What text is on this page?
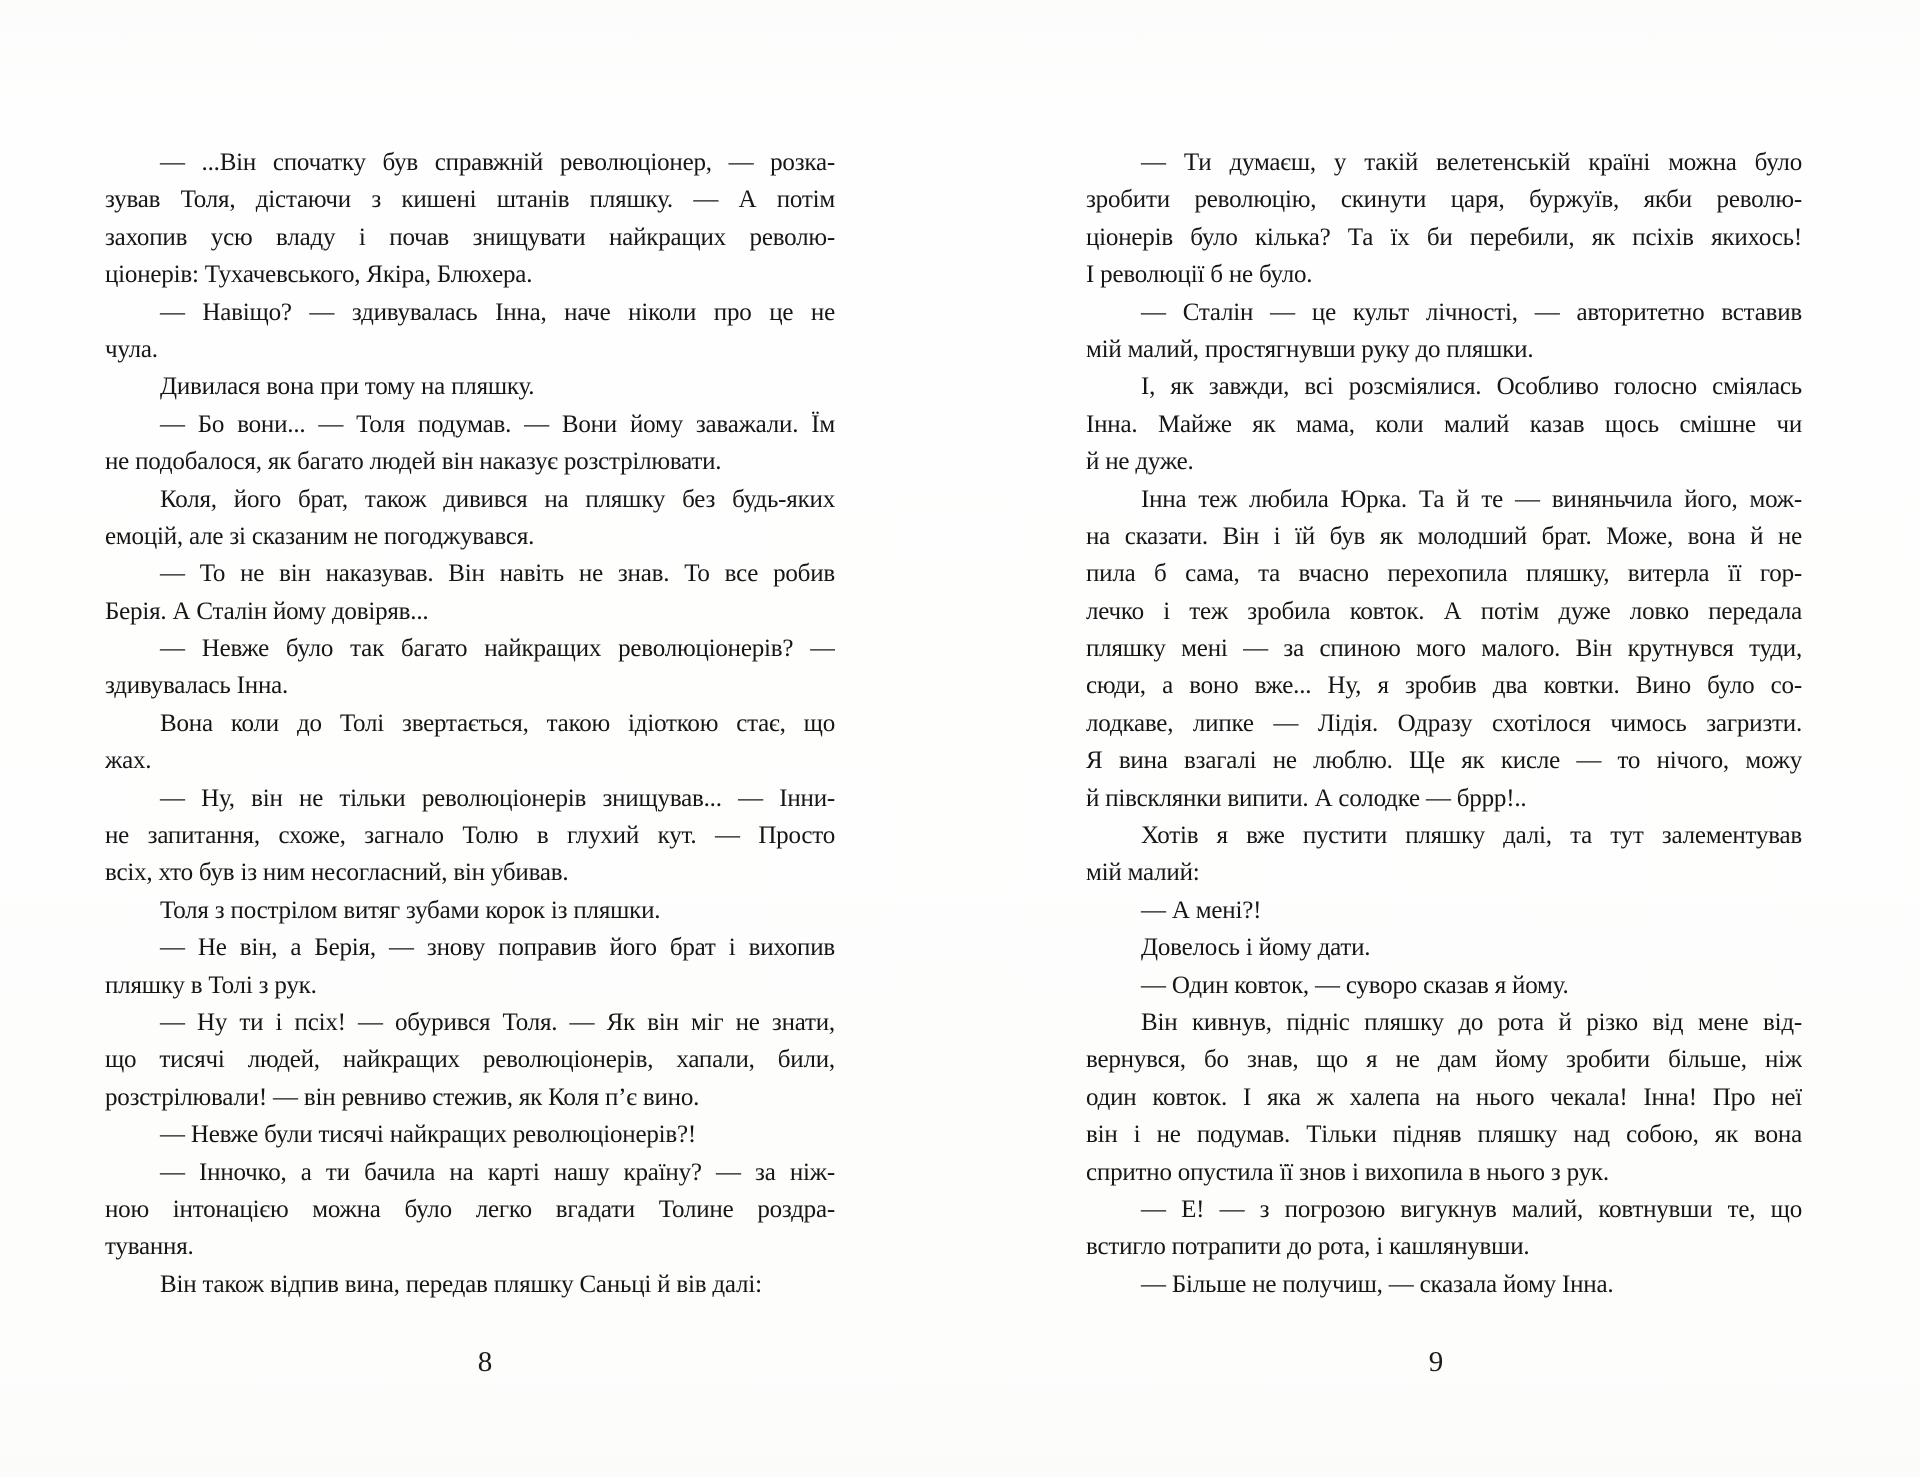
— ...Він спочатку був справжній революціонер, — розка-
зував Толя, дістаючи з кишені штанів пляшку. — А потім
захопив усю владу і почав знищувати найкращих револю-
ціонерів: Тухачевського, Якіра, Блюхера.
— Навіщо? — здивувалась Інна, наче ніколи про це не
чула.
Дивилася вона при тому на пляшку.
— Бо вони... — Толя подумав. — Вони йому заважали. Їм
не подобалося, як багато людей він наказує розстрілювати.
Коля, його брат, також дивився на пляшку без будь-яких
емоцій, але зі сказаним не погоджувався.
— То не він наказував. Він навіть не знав. То все робив
Берія. А Сталін йому довіряв...
— Невже було так багато найкращих революціонерів? —
здивувалась Інна.
Вона коли до Толі звертається, такою ідіоткою стає, що
жах.
— Ну, він не тільки революціонерів знищував... — Інни-
не запитання, схоже, загнало Толю в глухий кут. — Просто
всіх, хто був із ним несогласний, він убивав.
Толя з пострілом витяг зубами корок із пляшки.
— Не він, а Берія, — знову поправив його брат і вихопив
пляшку в Толі з рук.
— Ну ти і псіх! — обурився Толя. — Як він міг не знати,
що тисячі людей, найкращих революціонерів, хапали, били,
розстрілювали! — він ревниво стежив, як Коля п’є вино.
— Невже були тисячі найкращих революціонерів?!
— Інночко, а ти бачила на карті нашу країну? — за ніж-
ною інтонацією можна було легко вгадати Толине роздра-
тування.
Він також відпив вина, передав пляшку Саньці й вів далі:
— Ти думаєш, у такій велетенській країні можна було
зробити революцію, скинути царя, буржуїв, якби револю-
ціонерів було кілька? Та їх би перебили, як псіхів якихось!
І революції б не було.
— Сталін — це культ лічності, — авторитетно вставив
мій малий, простягнувши руку до пляшки.
І, як завжди, всі розсміялися. Особливо голосно сміялась
Інна. Майже як мама, коли малий казав щось смішне чи
й не дуже.
Інна теж любила Юрка. Та й те — виняньчила його, мож-
на сказати. Він і їй був як молодший брат. Може, вона й не
пила б сама, та вчасно перехопила пляшку, витерла її гор-
лечко і теж зробила ковток. А потім дуже ловко передала
пляшку мені — за спиною мого малого. Він крутнувся туди,
сюди, а воно вже... Ну, я зробив два ковтки. Вино було со-
лодкаве, липке — Лідія. Одразу схотілося чимось загризти.
Я вина взагалі не люблю. Ще як кисле — то нічого, можу
й півсклянки випити. А солодке — бррр!..
Хотів я вже пустити пляшку далі, та тут залементував
мій малий:
— А мені?!
Довелось і йому дати.
— Один ковток, — суворо сказав я йому.
Він кивнув, підніс пляшку до рота й різко від мене від-
вернувся, бо знав, що я не дам йому зробити більше, ніж
один ковток. І яка ж халепа на нього чекала! Інна! Про неї
він і не подумав. Тільки підняв пляшку над собою, як вона
спритно опустила її знов і вихопила в нього з рук.
— Е! — з погрозою вигукнув малий, ковтнувши те, що
встигло потрапити до рота, і кашлянувши.
— Більше не получиш, — сказала йому Інна.
8	9
